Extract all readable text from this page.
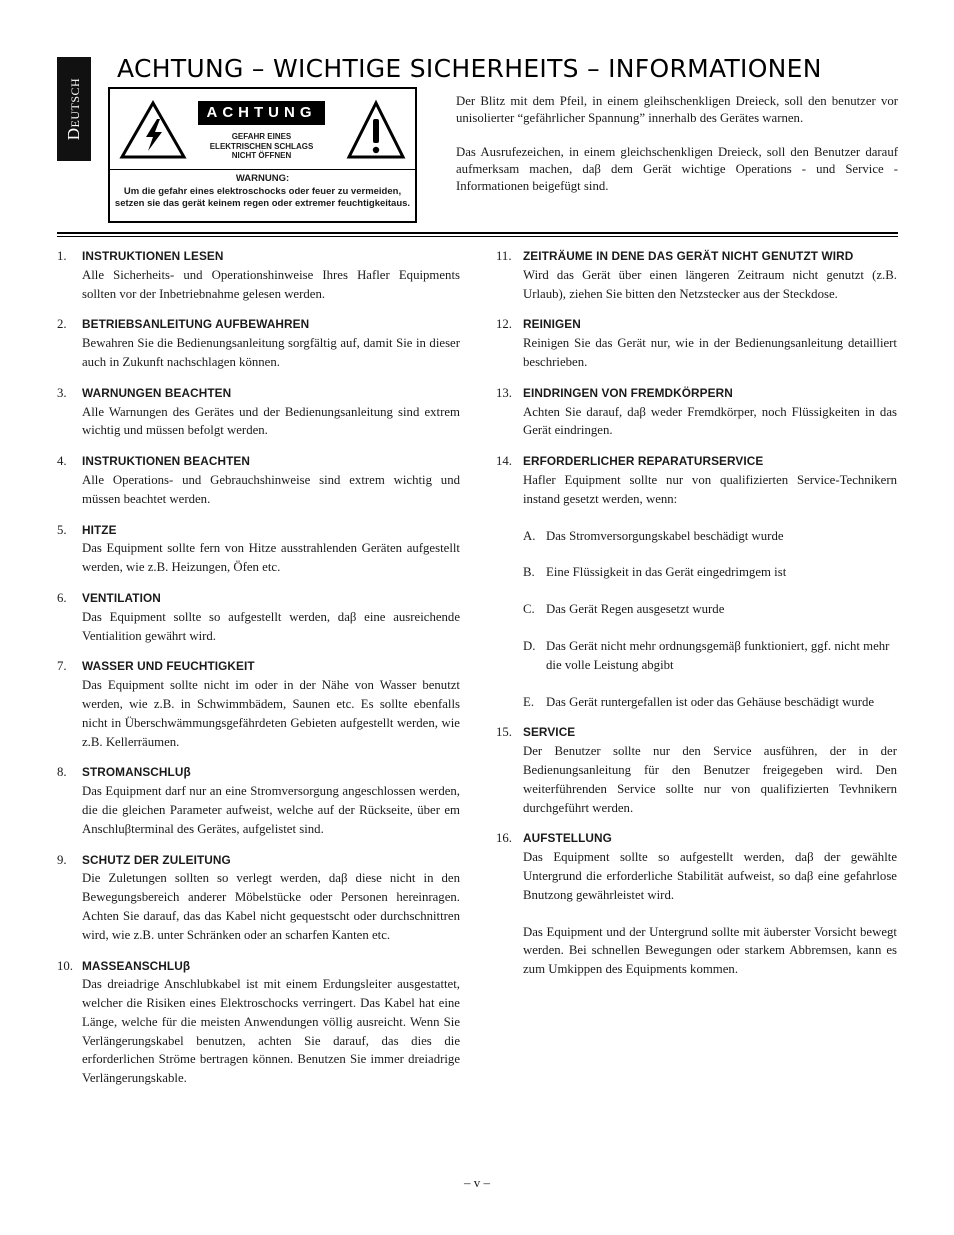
Deutsch
ACHTUNG – WICHTIGE SICHERHEITS – INFORMATIONEN
ACHTUNG
GEFAHR EINES
ELEKTRISCHEN SCHLAGS
NICHT ÖFFNEN
WARNUNG:
Um die gefahr eines elektroschocks oder feuer zu vermeiden, setzen sie das gerät keinem regen oder extremer feuchtigkeitaus.

Der Blitz mit dem Pfeil, in einem gleihschenkligen Dreieck, soll den benutzer vor unisolierter “gefährlicher Spannung” innerhalb des Gerätes warnen.

Das Ausrufezeichen, in einem gleichschenkligen Dreieck, soll den Benutzer darauf aufmerksam machen, daβ dem Gerät wichtige Operations - und Service - Informationen beigefügt sind.

1. INSTRUKTIONEN LESEN
Alle Sicherheits- und Operationshinweise Ihres Hafler Equipments sollten vor der Inbetriebnahme gelesen werden.
2. BETRIEBSANLEITUNG AUFBEWAHREN
Bewahren Sie die Bedienungsanleitung sorgfältig auf, damit Sie in dieser auch in Zukunft nachschlagen können.
3. WARNUNGEN BEACHTEN
Alle Warnungen des Gerätes und der Bedienungsanleitung sind extrem wichtig und müssen befolgt werden.
4. INSTRUKTIONEN BEACHTEN
Alle Operations- und Gebrauchshinweise sind extrem wichtig und müssen beachtet werden.
5. HITZE
Das Equipment sollte fern von Hitze ausstrahlenden Geräten aufgestellt werden, wie z.B. Heizungen, Öfen etc.
6. VENTILATION
Das Equipment sollte so aufgestellt werden, daβ eine ausreichende Ventialition gewährt wird.
7. WASSER UND FEUCHTIGKEIT
Das Equipment sollte nicht im oder in der Nähe von Wasser benutzt werden, wie z.B. in Schwimmbädem, Saunen etc. Es sollte ebenfalls nicht in Überschwämmungsgefährdeten Gebieten aufgestellt werden, wie z.B. Kellerräumen.
8. STROMANSCHLUβ
Das Equipment darf nur an eine Stromversorgung angeschlossen werden, die die gleichen Parameter aufweist, welche auf der Rückseite, über em Anschluβterminal des Gerätes, aufgelistet sind.
9. SCHUTZ DER ZULEITUNG
Die Zuletungen sollten so verlegt werden, daβ diese nicht in den Bewegungsbereich anderer Möbelstücke oder Personen hereinragen. Achten Sie darauf, das das Kabel nicht gequestscht oder durchschnittren wird, wie z.B. unter Schränken oder an scharfen Kanten etc.
10. MASSEANSCHLUβ
Das dreiadrige Anschlubkabel ist mit einem Erdungsleiter ausgestattet, welcher die Risiken eines Elektroschocks verringert. Das Kabel hat eine Länge, welche für die meisten Anwendungen völlig ausreicht. Wenn Sie Verlängerungskabel benutzen, achten Sie darauf, das dies die erforderlichen Ströme bertragen können. Benutzen Sie immer dreiadrige Verlängerungskable.
11. ZEITRÄUME IN DENE DAS GERÄT NICHT GENUTZT WIRD
Wird das Gerät über einen längeren Zeitraum nicht genutzt (z.B. Urlaub), ziehen Sie bitten den Netzstecker aus der Steckdose.
12. REINIGEN
Reinigen Sie das Gerät nur, wie in der Bedienungsanleitung detailliert beschrieben.
13. EINDRINGEN VON FREMDKÖRPERN
Achten Sie darauf, daβ weder Fremdkörper, noch Flüssigkeiten in das Gerät eindringen.
14. ERFORDERLICHER REPARATURSERVICE
Hafler Equipment sollte nur von qualifizierten Service-Technikern instand gesetzt werden, wenn:
A. Das Stromversorgungskabel beschädigt wurde
B. Eine Flüssigkeit in das Gerät eingedrimgem ist
C. Das Gerät Regen ausgesetzt wurde
D. Das Gerät nicht mehr ordnungsgemäβ funktioniert, ggf. nicht mehr die volle Leistung abgibt
E. Das Gerät runtergefallen ist oder das Gehäuse beschädigt wurde
15. SERVICE
Der Benutzer sollte nur den Service ausführen, der in der Bedienungsanleitung für den Benutzer freigegeben wird. Den weiterführenden Service sollte nur von qualifizierten Tevhnikern durchgeführt werden.
16. AUFSTELLUNG
Das Equipment sollte so aufgestellt werden, daβ der gewählte Untergrund die erforderliche Stabilität aufweist, so daβ eine gefahrlose Bnutzong gewährleistet wird.
Das Equipment und der Untergrund sollte mit äuberster Vorsicht bewegt werden. Bei schnellen Bewegungen oder starkem Abbremsen, kann es zum Umkippen des Equipments kommen.
– v –
